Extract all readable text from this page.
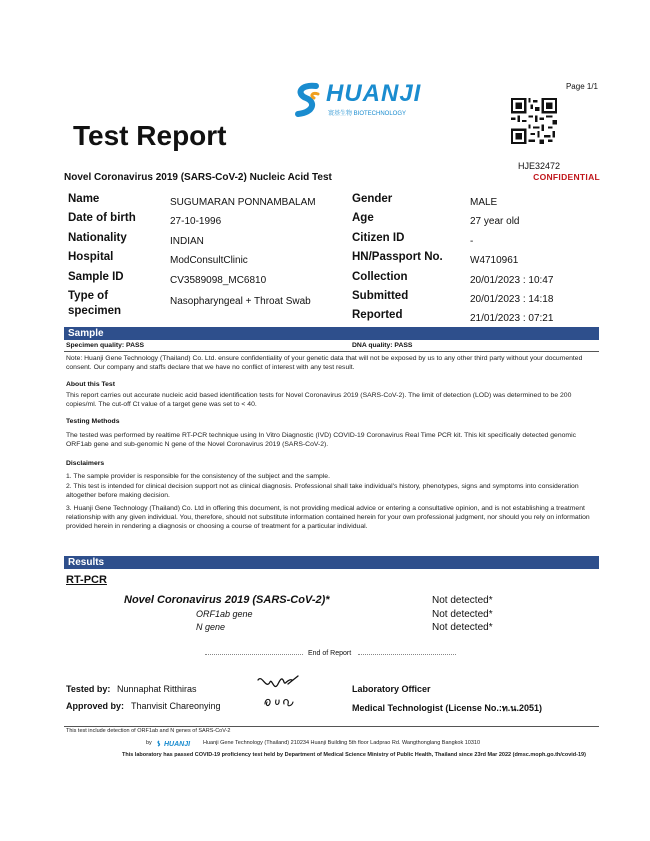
Page 1/1
HUANJI
寰基生物 BIOTECHNOLOGY
Test Report
HJE32472
CONFIDENTIAL
Novel Coronavirus 2019 (SARS-CoV-2) Nucleic Acid Test
Name	SUGUMARAN PONNAMBALAM
Date of birth	27-10-1996
Nationality	INDIAN
Hospital	ModConsultClinic
Sample ID	CV3589098_MC6810
Type of
specimen
Nasopharyngeal + Throat Swab
Gender	MALE
Age	27 year old
Citizen ID	-
HN/Passport No.	W4710961
Collection	20/01/2023 : 10:47
Submitted	20/01/2023 : 14:18
Reported	21/01/2023 : 07:21
Sample
Specimen quality: PASS	DNA quality: PASS
Note: Huanji Gene Technology (Thailand) Co. Ltd. ensure confidentiality of your genetic data that will not be exposed by us to any other third party without your documented consent. Our company and staffs declare that we have no conflict of interest with any test result.
About this Test
This report carries out accurate nucleic acid based identification tests for Novel Coronavirus 2019 (SARS-CoV-2). The limit of detection (LOD) was determined to be 200 copies/ml. The cut-off Ct value of a target gene was set to < 40.
Testing Methods
The tested was performed by realtime RT-PCR technique using In Vitro Diagnostic (IVD) COVID-19 Coronavirus Real Time PCR kit. This kit specifically detected genomic ORF1ab gene and sub-genomic N gene of the Novel Coronavirus 2019 (SARS-CoV-2).
Disclaimers
1. The sample provider is responsible for the consistency of the subject and the sample.
2. This test is intended for clinical decision support not as clinical diagnosis. Professional shall take individual's history, phenotypes, signs and symptoms into consideration altogether before making decision.
3. Huanji Gene Technology (Thailand) Co. Ltd in offering this document, is not providing medical advice or entering a consultative opinion, and is not establishing a treatment relationship with any given individual. You, therefore, should not substitute information contained herein for your own professional judgment, nor should you rely on information provided herein in rendering a diagnosis or choosing a course of treatment for a particular individual.
Results
RT-PCR
Novel Coronavirus 2019 (SARS-CoV-2)*	Not detected*
ORF1ab gene	Not detected*
N gene	Not detected*
End of Report
Tested by: Nunnaphat Ritthiras
Approved by: Thanvisit Chareonying
Laboratory Officer
Medical Technologist (License No.:ท.น.2051)
This test include detection of ORF1ab and N genes of SARS-CoV-2
by HUANJI Huanji Gene Technology (Thailand) 210234 Huanji Building 5th floor Ladprao Rd. Wangthonglang Bangkok 10310
This laboratory has passed COVID-19 proficiency test held by Department of Medical Science Ministry of Public Health, Thailand since 23rd Mar 2022 (dmsc.moph.go.th/covid-19)
